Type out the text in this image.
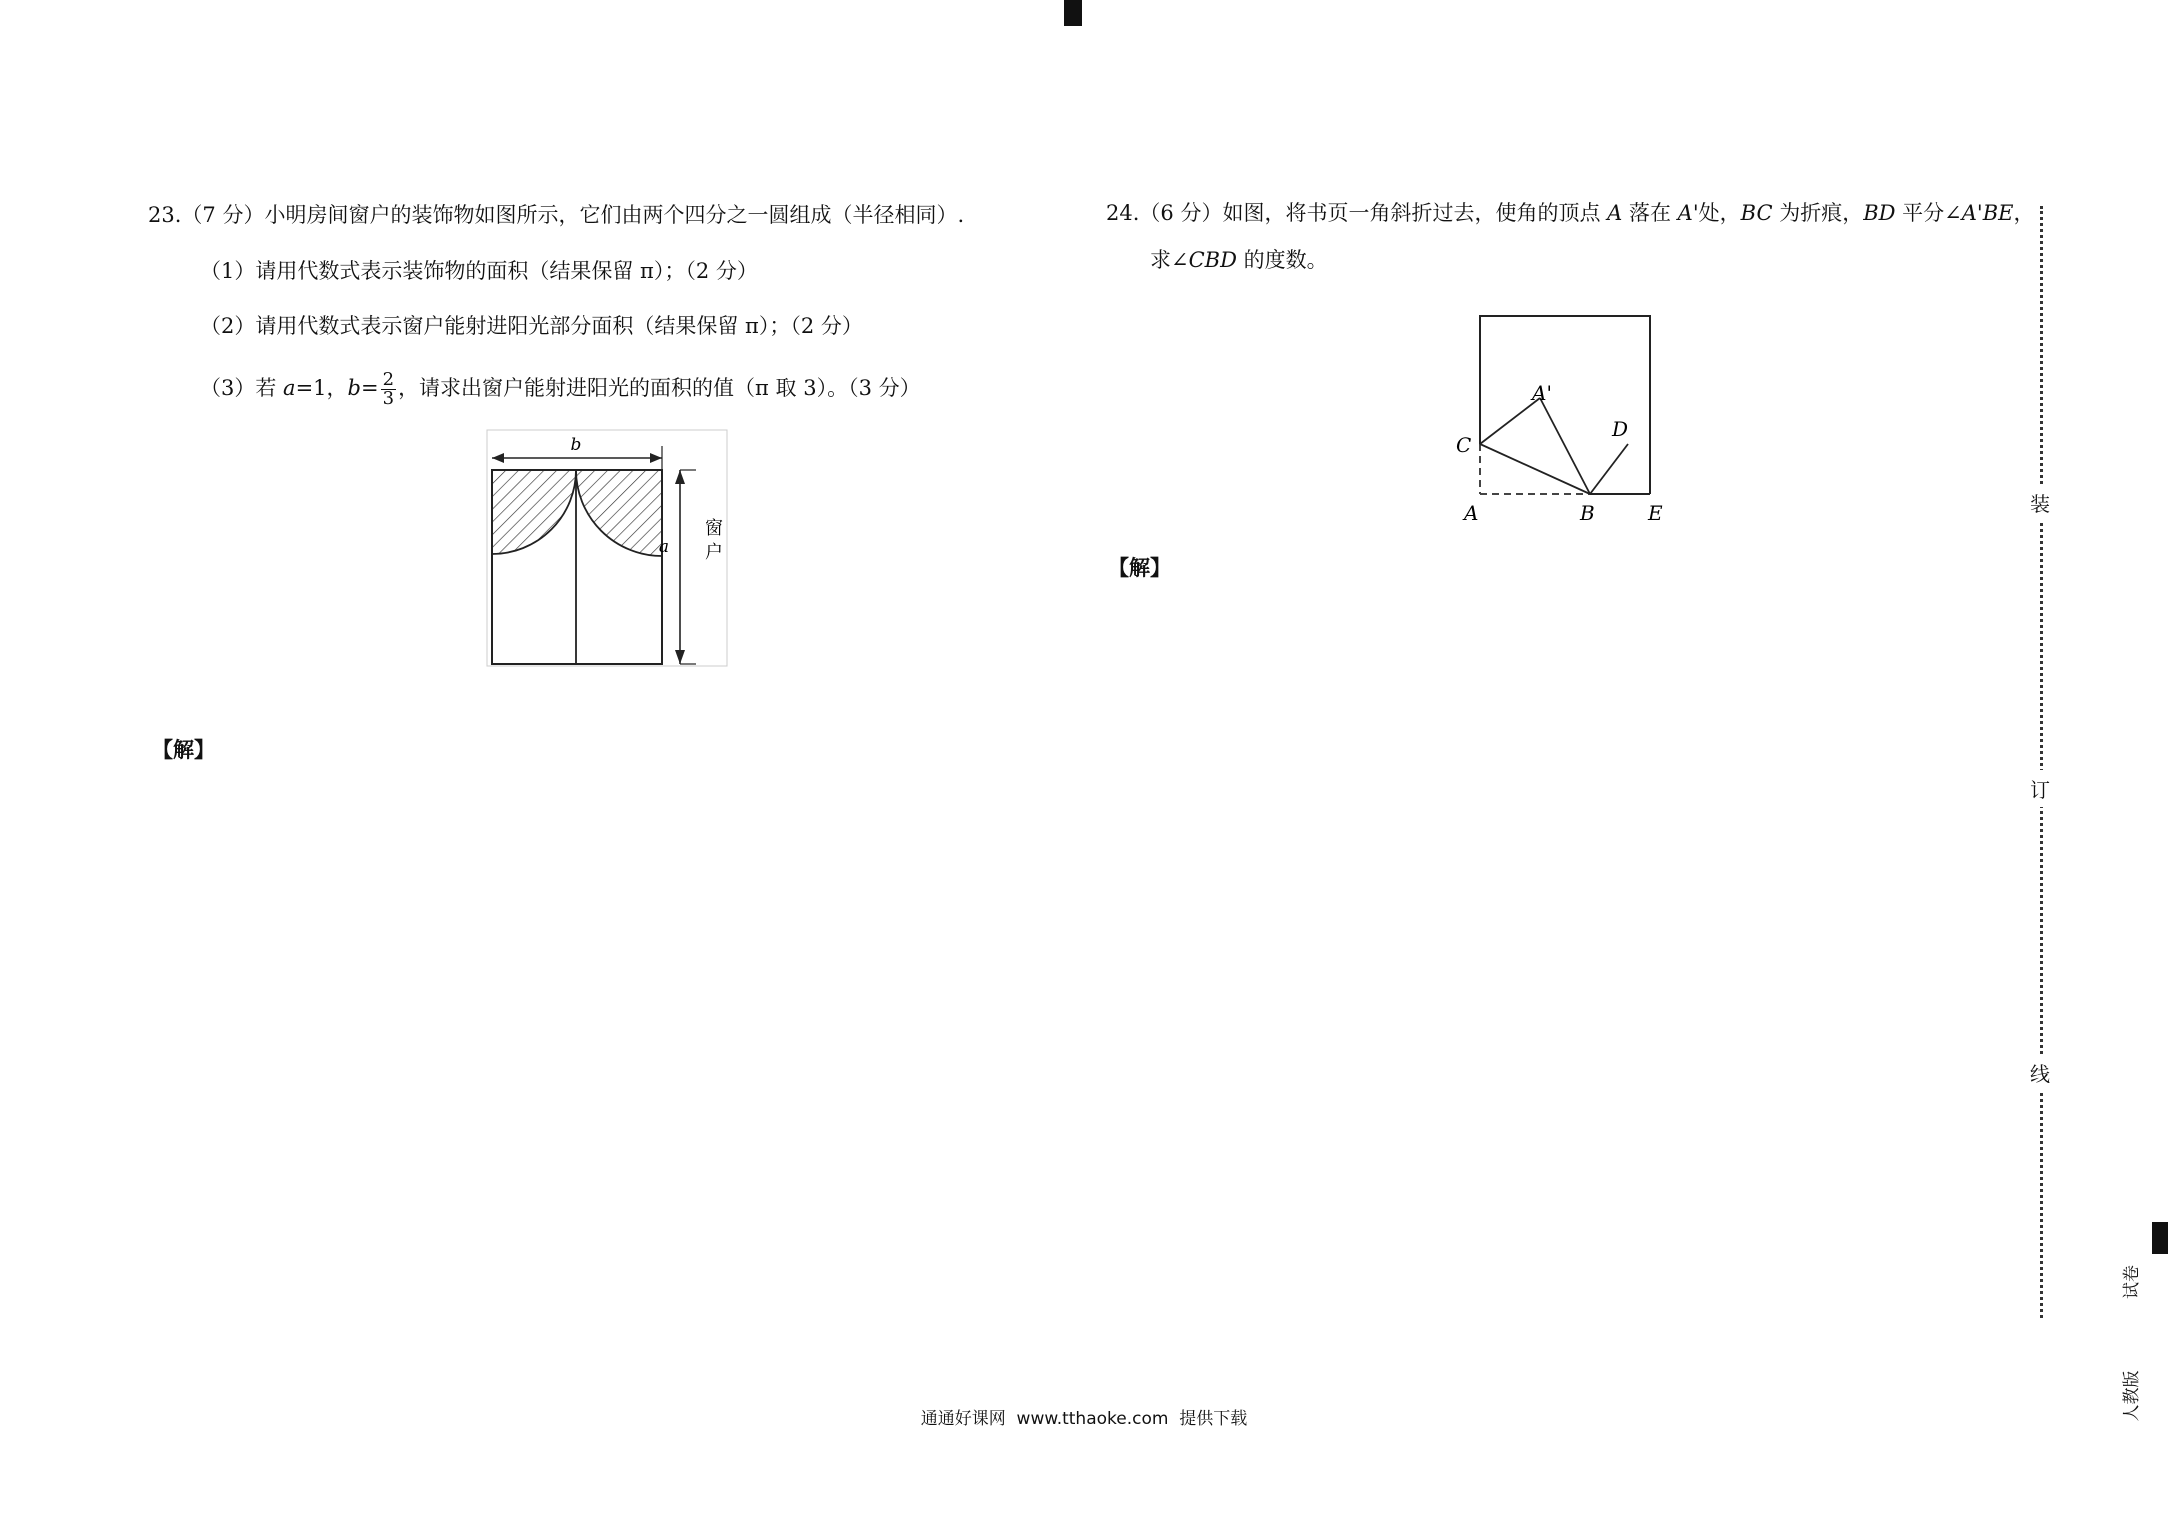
23.（7 分）小明房间窗户的装饰物如图所示，它们由两个四分之一圆组成（半径相同）.
（1）请用代数式表示装饰物的面积（结果保留 π）；（2 分）
（2）请用代数式表示窗户能射进阳光部分面积（结果保留 π）；（2 分）
（3）若 a=1，$b= \frac{2}{3}$ ，请求出窗户能射进阳光的面积的值（π 取 3）。（3 分）
b
a
窗
户
【解】
24.（6 分）如图，将书页一角斜折过去，使角的顶点 A 落在 A'处，BC 为折痕，BD 平分∠A'BE，
求∠CBD 的度数。
C
A'
D
A	B	E
【解】
装
订
线
试卷
人教版
通通好课网  www.tthaoke.com  提供下载
